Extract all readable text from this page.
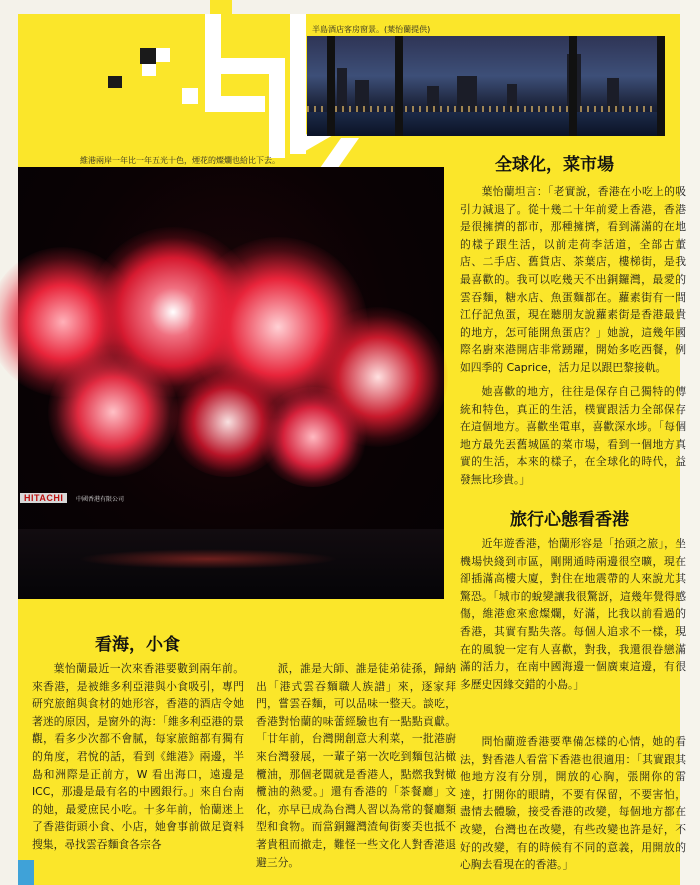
半島酒店客房窗景。(葉怡蘭提供)
維港兩岸一年比一年五光十色，煙花的燦爛也給比下去。
HITACHI	中國香港有限公司
全球化，菜市場
葉怡蘭坦言：「老實說，香港在小吃上的吸引力減退了。從十幾二十年前愛上香港，香港是很擁擠的都市，那種擁擠，看到滿滿的在地的樣子跟生活，以前走荷李活道，全部古董店、二手店、舊貨店、茶葉店，樓梯街，是我最喜歡的。我可以吃幾天不出銅鑼灣，最愛的雲吞麵，糖水店、魚蛋麵都在。蘿素街有一間江仔記魚蛋，現在聽朋友說蘿素街是香港最貴的地方，怎可能開魚蛋店？」她說，這幾年國際名廚來港開店非常踴躍，開始多吃西餐，例如四季的 Caprice，活力足以跟巴黎接軌。
她喜歡的地方，往往是保存自己獨特的傳統和特色，真正的生活，樸實跟活力全部保存在這個地方。喜歡坐電車，喜歡深水埗。「每個地方最先丟舊城區的菜市場，看到一個地方真實的生活，本來的樣子，在全球化的時代，益發無比珍貴。」
旅行心態看香港
近年遊香港，怡蘭形容是「抬頭之旅」，坐機場快綫到市區，剛開通時兩邊很空曠，現在卻插滿高樓大廈，對住在地震帶的人來說尤其驚恐。「城市的蛻變讓我很驚訝，這幾年覺得感傷，維港愈來愈燦爛，好滿，比我以前看過的香港，其實有點失落。每個人追求不一樣，現在的風貌一定有人喜歡，對我，我還很眷戀滿滿的活力，在南中國海邊一個廣東這邊，有很多歷史因緣交錯的小島。」
問怡蘭遊香港要準備怎樣的心情，她的看法，對香港人看當下香港也很適用：「其實跟其他地方沒有分別，開放的心胸，張開你的雷達，打開你的眼睛，不要有保留，不要害怕，盡情去體驗，接受香港的改變，每個地方都在改變，台灣也在改變，有些改變也許是好，不好的改變，有的時候有不同的意義，用開放的心胸去看現在的香港。」
看海，小食
葉怡蘭最近一次來香港要數到兩年前。來香港，是被維多利亞港與小食吸引，專門研究旅館與食材的她形容，香港的酒店令她著迷的原因，是窗外的海：「維多利亞港的景觀，看多少次都不會膩，每家旅館都有獨有的角度，君悅的話，看到《維港》兩邊，半島和洲際是正前方，W 看出海口，遠邊是 ICC，那邊是最有名的中國銀行。」來自台南的她，最愛庶民小吃。十多年前，怡蘭迷上了香港街頭小食、小店，她會事前做足資料搜集，尋找雲吞麵食各宗各
派，誰是大師、誰是徒弟徒孫，歸納出「港式雲吞麵職人族譜」來，逐家拜門，嘗雲吞麵，可以品味一整天。談吃，香港對怡蘭的味蕾經驗也有一點點貢獻。「廿年前，台灣開創意大利菜，一批港廚來台灣發展，一輩子第一次吃到麵包沾橄欖油，那個老闆就是香港人，點燃我對橄欖油的熱愛。」還有香港的「茶餐廳」文化，亦早已成為台灣人習以為常的餐廳類型和食物。而當銅鑼灣渣甸街麥奀也抵不著貴租而撤走，難怪一些文化人對香港退避三分。
